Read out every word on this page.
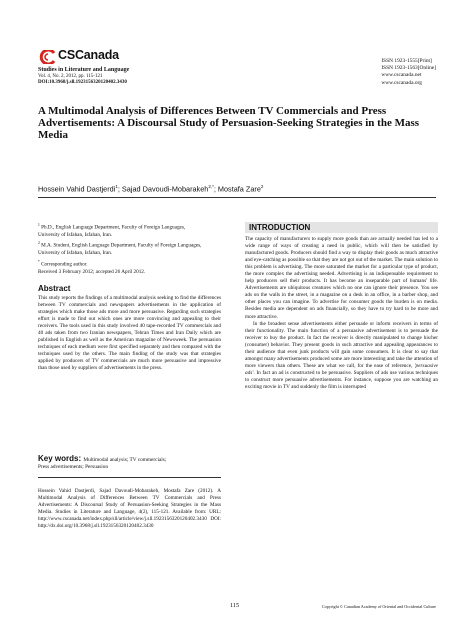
CSCanada
Studies in Literature and Language
Vol. 4, No. 2, 2012, pp. 115-121
DOI:10.3968/j.sll.1923156320120402.3430
ISSN 1923-1555[Print]
ISSN 1923-1563[Online]
www.cscanada.net
www.cscanada.org
A Multimodal Analysis of Differences Between TV Commercials and Press Advertisements: A Discoursal Study of Persuasion-Seeking Strategies in the Mass Media
Hossein Vahid Dastjerdi$^1$; Sajad Davoudi-Mobarakeh$^{2,*}$; Mostafa Zare$^2$

$^1$ Ph.D., English Language Department, Faculty of Foreign Languages, University of Isfahan, Isfahan, Iran.

$^2$ M.A. Student, English Language Department, Faculty of Foreign Languages, University of Isfahan, Isfahan, Iran.

* Corresponding author.

Received 3 February 2012; accepted 26 April 2012.
Abstract
This study reports the findings of a multimodal analysis seeking to find the differences between TV commercials and newspapers advertisements in the application of strategies which make those ads more and more persuasive. Regarding such strategies effort is made to find out which ones are more convincing and appealing to their receivers. The tools used in this study involved 40 tape-recorded TV commercials and 40 ads taken from two Iranian newspapers, Tehran Times and Iran Daily which are published in English as well as the American magazine of Newsweek. The persuasion techniques of each medium were first specified separately and then compared with the techniques used by the others. The main finding of the study was that strategies applied by producers of TV commercials are much more persuasive and impressive than those used by suppliers of advertisements in the press.
Key words: Multimodal analysis; TV commercials;
Press advertisements; Persuasion
Hossein Vahid Dastjerdi, Sajad Davoudi-Mobarakeh, Mostafa Zare (2012). A Multimodal Analysis of Differences Between TV Commercials and Press Advertisements: A Discoursal Study of Persuasion-Seeking Strategies in the Mass Media. Studies in Literature and Language, 4(2), 115-121. Available from: URL: http://www.cscanada.net/index.php/sll/article/view/j.sll.1923156320120402.3430 DOI: http://dx.doi.org/10.3968/j.sll.1923156320120402.3430
INTRODUCTION

The capacity of manufacturers to supply more goods than are actually needed has led to a wide range of ways of creating a need in public, which will then be satisfied by manufactured goods. Producers should find a way to display their goods as much attractive and eye-catching as possible so that they are not got out of the market. The main solution to this problem is advertising. The more saturated the market for a particular type of product, the more complex the advertising needed. Advertising is an indispensable requirement to help producers sell their products. It has become an inseparable part of humans' life. Advertisements are ubiquitous creatures which no one can ignore their presence. You see ads on the walls in the street, in a magazine on a desk in an office, in a barber shop, and other places you can imagine. To advertise for consumer goods the burden is on media. Besides media are dependent on ads financially, so they have to try hard to be more and more attractive.

In the broadest sense advertisements either persuade or inform receivers in terms of their functionality. The main function of a persuasive advertisement is to persuade the receiver to buy the product. In fact the receiver is directly manipulated to change his/her (consumer) behavior. They present goods in such attractive and appealing appearances to their audience that even junk products will gain some consumers. It is clear to say that amongst many advertisements produced some are more interesting and take the attention of more viewers than others. These are what we call, for the ease of reference, 'persuasive ads'. In fact an ad is constructed to be persuasive. Suppliers of ads use various techniques to construct more persuasive advertisements. For instance, suppose you are watching an exciting movie in TV and suddenly the film is interrupted

115	Copyright © Canadian Academy of Oriental and Occidental Culture
